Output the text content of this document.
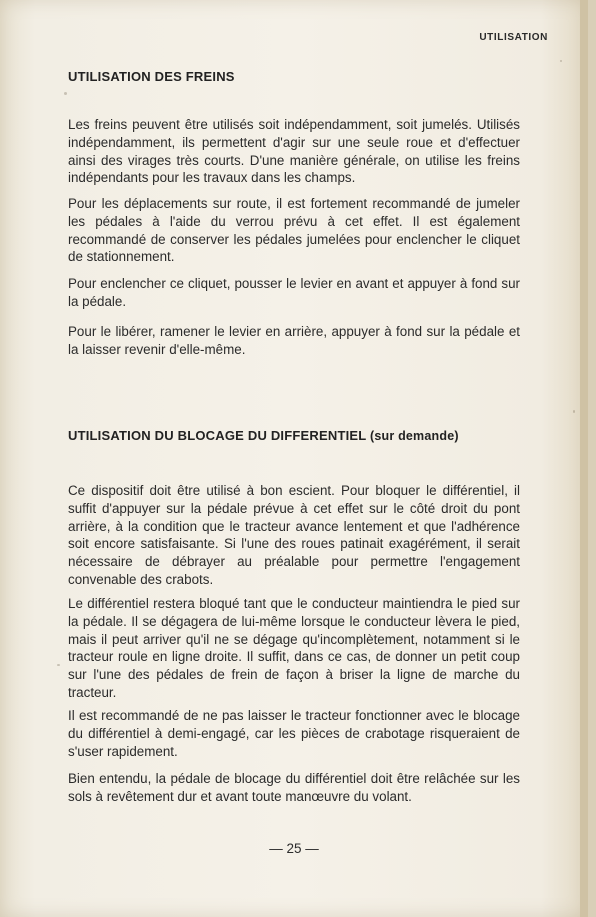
UTILISATION
UTILISATION DES FREINS

Les freins peuvent être utilisés soit indépendamment, soit jumelés. Utilisés indépendamment, ils permettent d'agir sur une seule roue et d'effectuer ainsi des virages très courts. D'une manière générale, on utilise les freins indépendants pour les travaux dans les champs.

Pour les déplacements sur route, il est fortement recommandé de jumeler les pédales à l'aide du verrou prévu à cet effet. Il est également recommandé de conserver les pédales jumelées pour enclencher le cliquet de stationnement.

Pour enclencher ce cliquet, pousser le levier en avant et appuyer à fond sur la pédale.

Pour le libérer, ramener le levier en arrière, appuyer à fond sur la pédale et la laisser revenir d'elle-même.

UTILISATION DU BLOCAGE DU DIFFERENTIEL (sur demande)

Ce dispositif doit être utilisé à bon escient. Pour bloquer le différentiel, il suffit d'appuyer sur la pédale prévue à cet effet sur le côté droit du pont arrière, à la condition que le tracteur avance lentement et que l'adhérence soit encore satisfaisante. Si l'une des roues patinait exagérément, il serait nécessaire de débrayer au préalable pour permettre l'engagement convenable des crabots.

Le différentiel restera bloqué tant que le conducteur maintiendra le pied sur la pédale. Il se dégagera de lui-même lorsque le conducteur lèvera le pied, mais il peut arriver qu'il ne se dégage qu'incomplètement, notamment si le tracteur roule en ligne droite. Il suffit, dans ce cas, de donner un petit coup sur l'une des pédales de frein de façon à briser la ligne de marche du tracteur.

Il est recommandé de ne pas laisser le tracteur fonctionner avec le blocage du différentiel à demi-engagé, car les pièces de crabotage risqueraient de s'user rapidement.

Bien entendu, la pédale de blocage du différentiel doit être relâchée sur les sols à revêtement dur et avant toute manœuvre du volant.

— 25 —
